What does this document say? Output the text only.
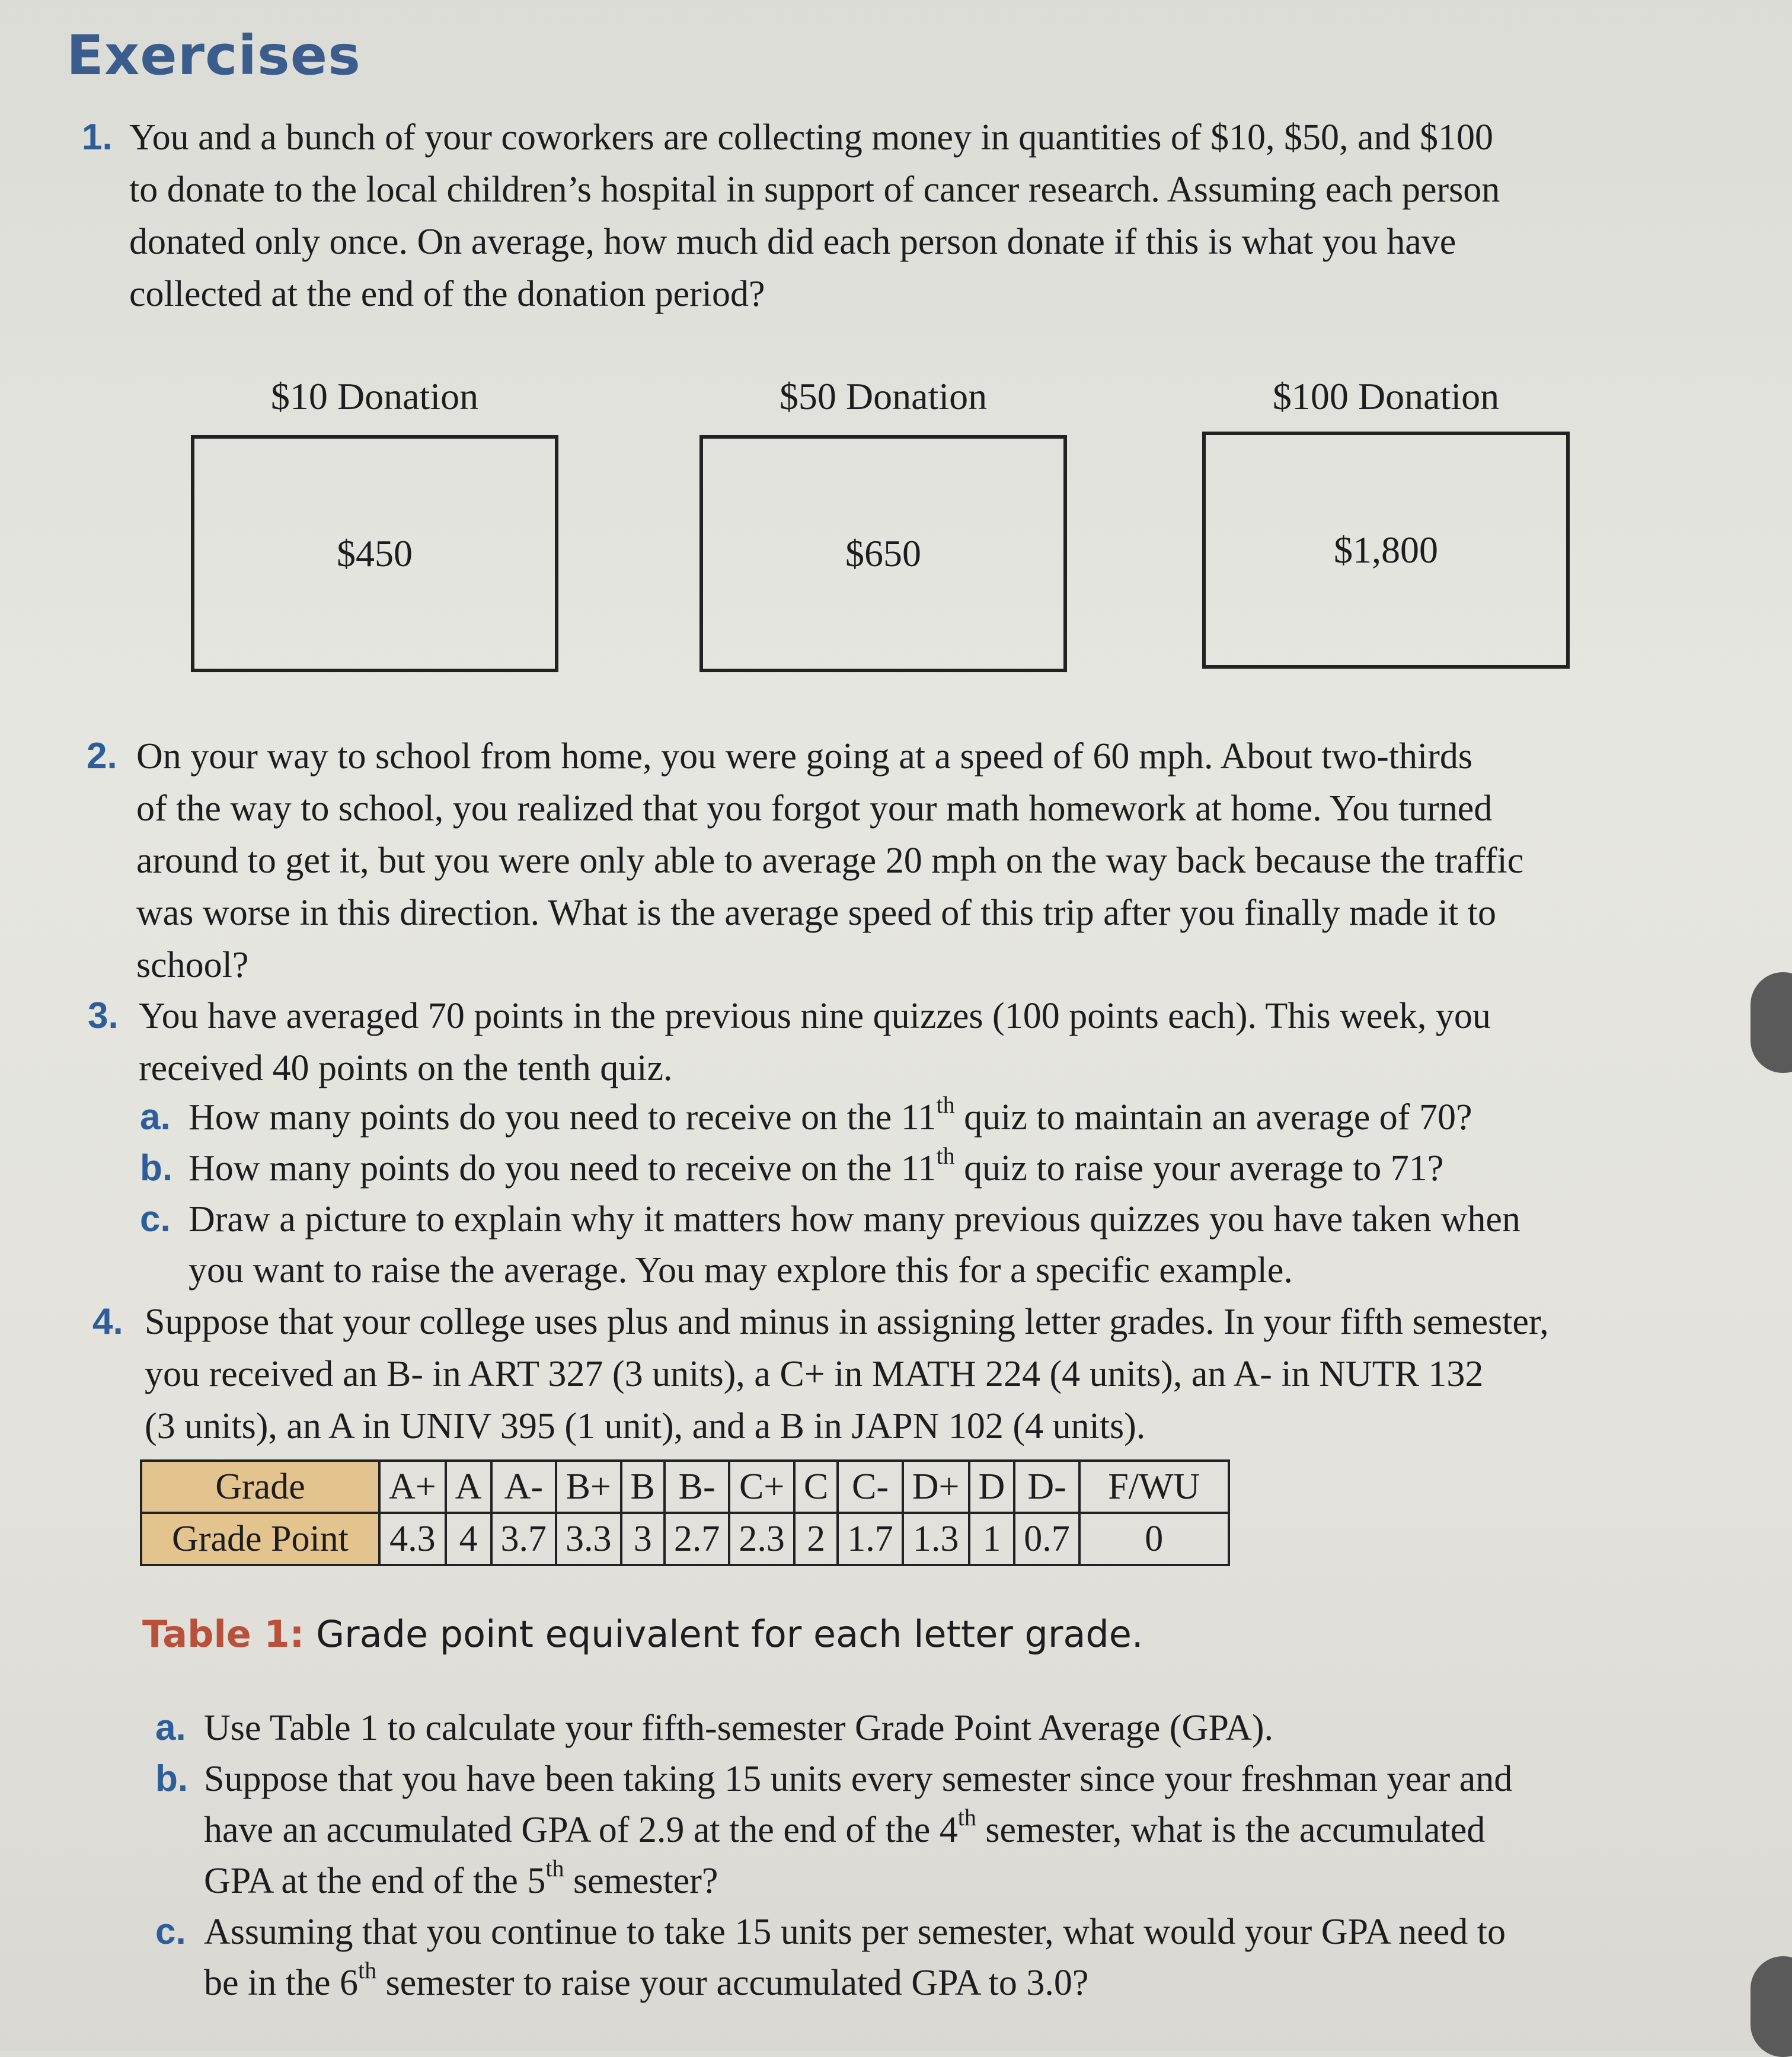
Exercises
1. You and a bunch of your coworkers are collecting money in quantities of $10, $50, and $100
to donate to the local children’s hospital in support of cancer research. Assuming each person
donated only once. On average, how much did each person donate if this is what you have
collected at the end of the donation period?
$10 Donation
$450
$50 Donation
$650
$100 Donation
$1,800
2. On your way to school from home, you were going at a speed of 60 mph. About two-thirds
of the way to school, you realized that you forgot your math homework at home. You turned
around to get it, but you were only able to average 20 mph on the way back because the traffic
was worse in this direction. What is the average speed of this trip after you finally made it to
school?
3. You have averaged 70 points in the previous nine quizzes (100 points each). This week, you
received 40 points on the tenth quiz.
a. How many points do you need to receive on the 11th quiz to maintain an average of 70?
b. How many points do you need to receive on the 11th quiz to raise your average to 71?
c. Draw a picture to explain why it matters how many previous quizzes you have taken when
you want to raise the average. You may explore this for a specific example.
4. Suppose that your college uses plus and minus in assigning letter grades. In your fifth semester,
you received an B- in ART 327 (3 units), a C+ in MATH 224 (4 units), an A- in NUTR 132
(3 units), an A in UNIV 395 (1 unit), and a B in JAPN 102 (4 units).
Grade	A+	A	A-	B+	B	B-	C+	C	C-	D+	D	D-	F/WU
Grade Point	4.3	4	3.7	3.3	3	2.7	2.3	2	1.7	1.3	1	0.7	0
Table 1: Grade point equivalent for each letter grade.
a. Use Table 1 to calculate your fifth-semester Grade Point Average (GPA).
b. Suppose that you have been taking 15 units every semester since your freshman year and
have an accumulated GPA of 2.9 at the end of the 4th semester, what is the accumulated
GPA at the end of the 5th semester?
c. Assuming that you continue to take 15 units per semester, what would your GPA need to
be in the 6th semester to raise your accumulated GPA to 3.0?
